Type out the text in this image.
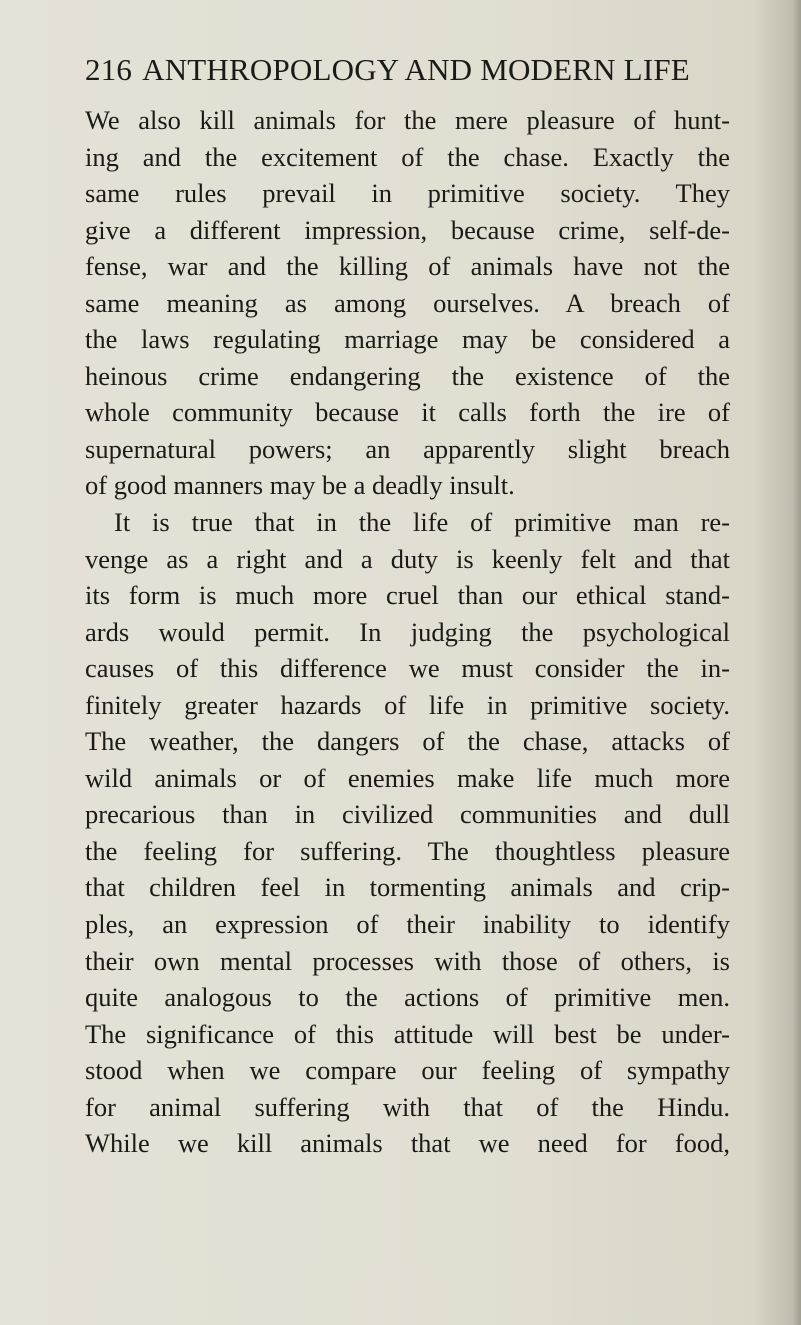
216 ANTHROPOLOGY AND MODERN LIFE
We also kill animals for the mere pleasure of hunt-
ing and the excitement of the chase. Exactly the
same rules prevail in primitive society. They
give a different impression, because crime, self-de-
fense, war and the killing of animals have not the
same meaning as among ourselves. A breach of
the laws regulating marriage may be considered a
heinous crime endangering the existence of the
whole community because it calls forth the ire of
supernatural powers; an apparently slight breach
of good manners may be a deadly insult.
It is true that in the life of primitive man re-
venge as a right and a duty is keenly felt and that
its form is much more cruel than our ethical stand-
ards would permit. In judging the psychological
causes of this difference we must consider the in-
finitely greater hazards of life in primitive society.
The weather, the dangers of the chase, attacks of
wild animals or of enemies make life much more
precarious than in civilized communities and dull
the feeling for suffering. The thoughtless pleasure
that children feel in tormenting animals and crip-
ples, an expression of their inability to identify
their own mental processes with those of others, is
quite analogous to the actions of primitive men.
The significance of this attitude will best be under-
stood when we compare our feeling of sympathy
for animal suffering with that of the Hindu.
While we kill animals that we need for food,
